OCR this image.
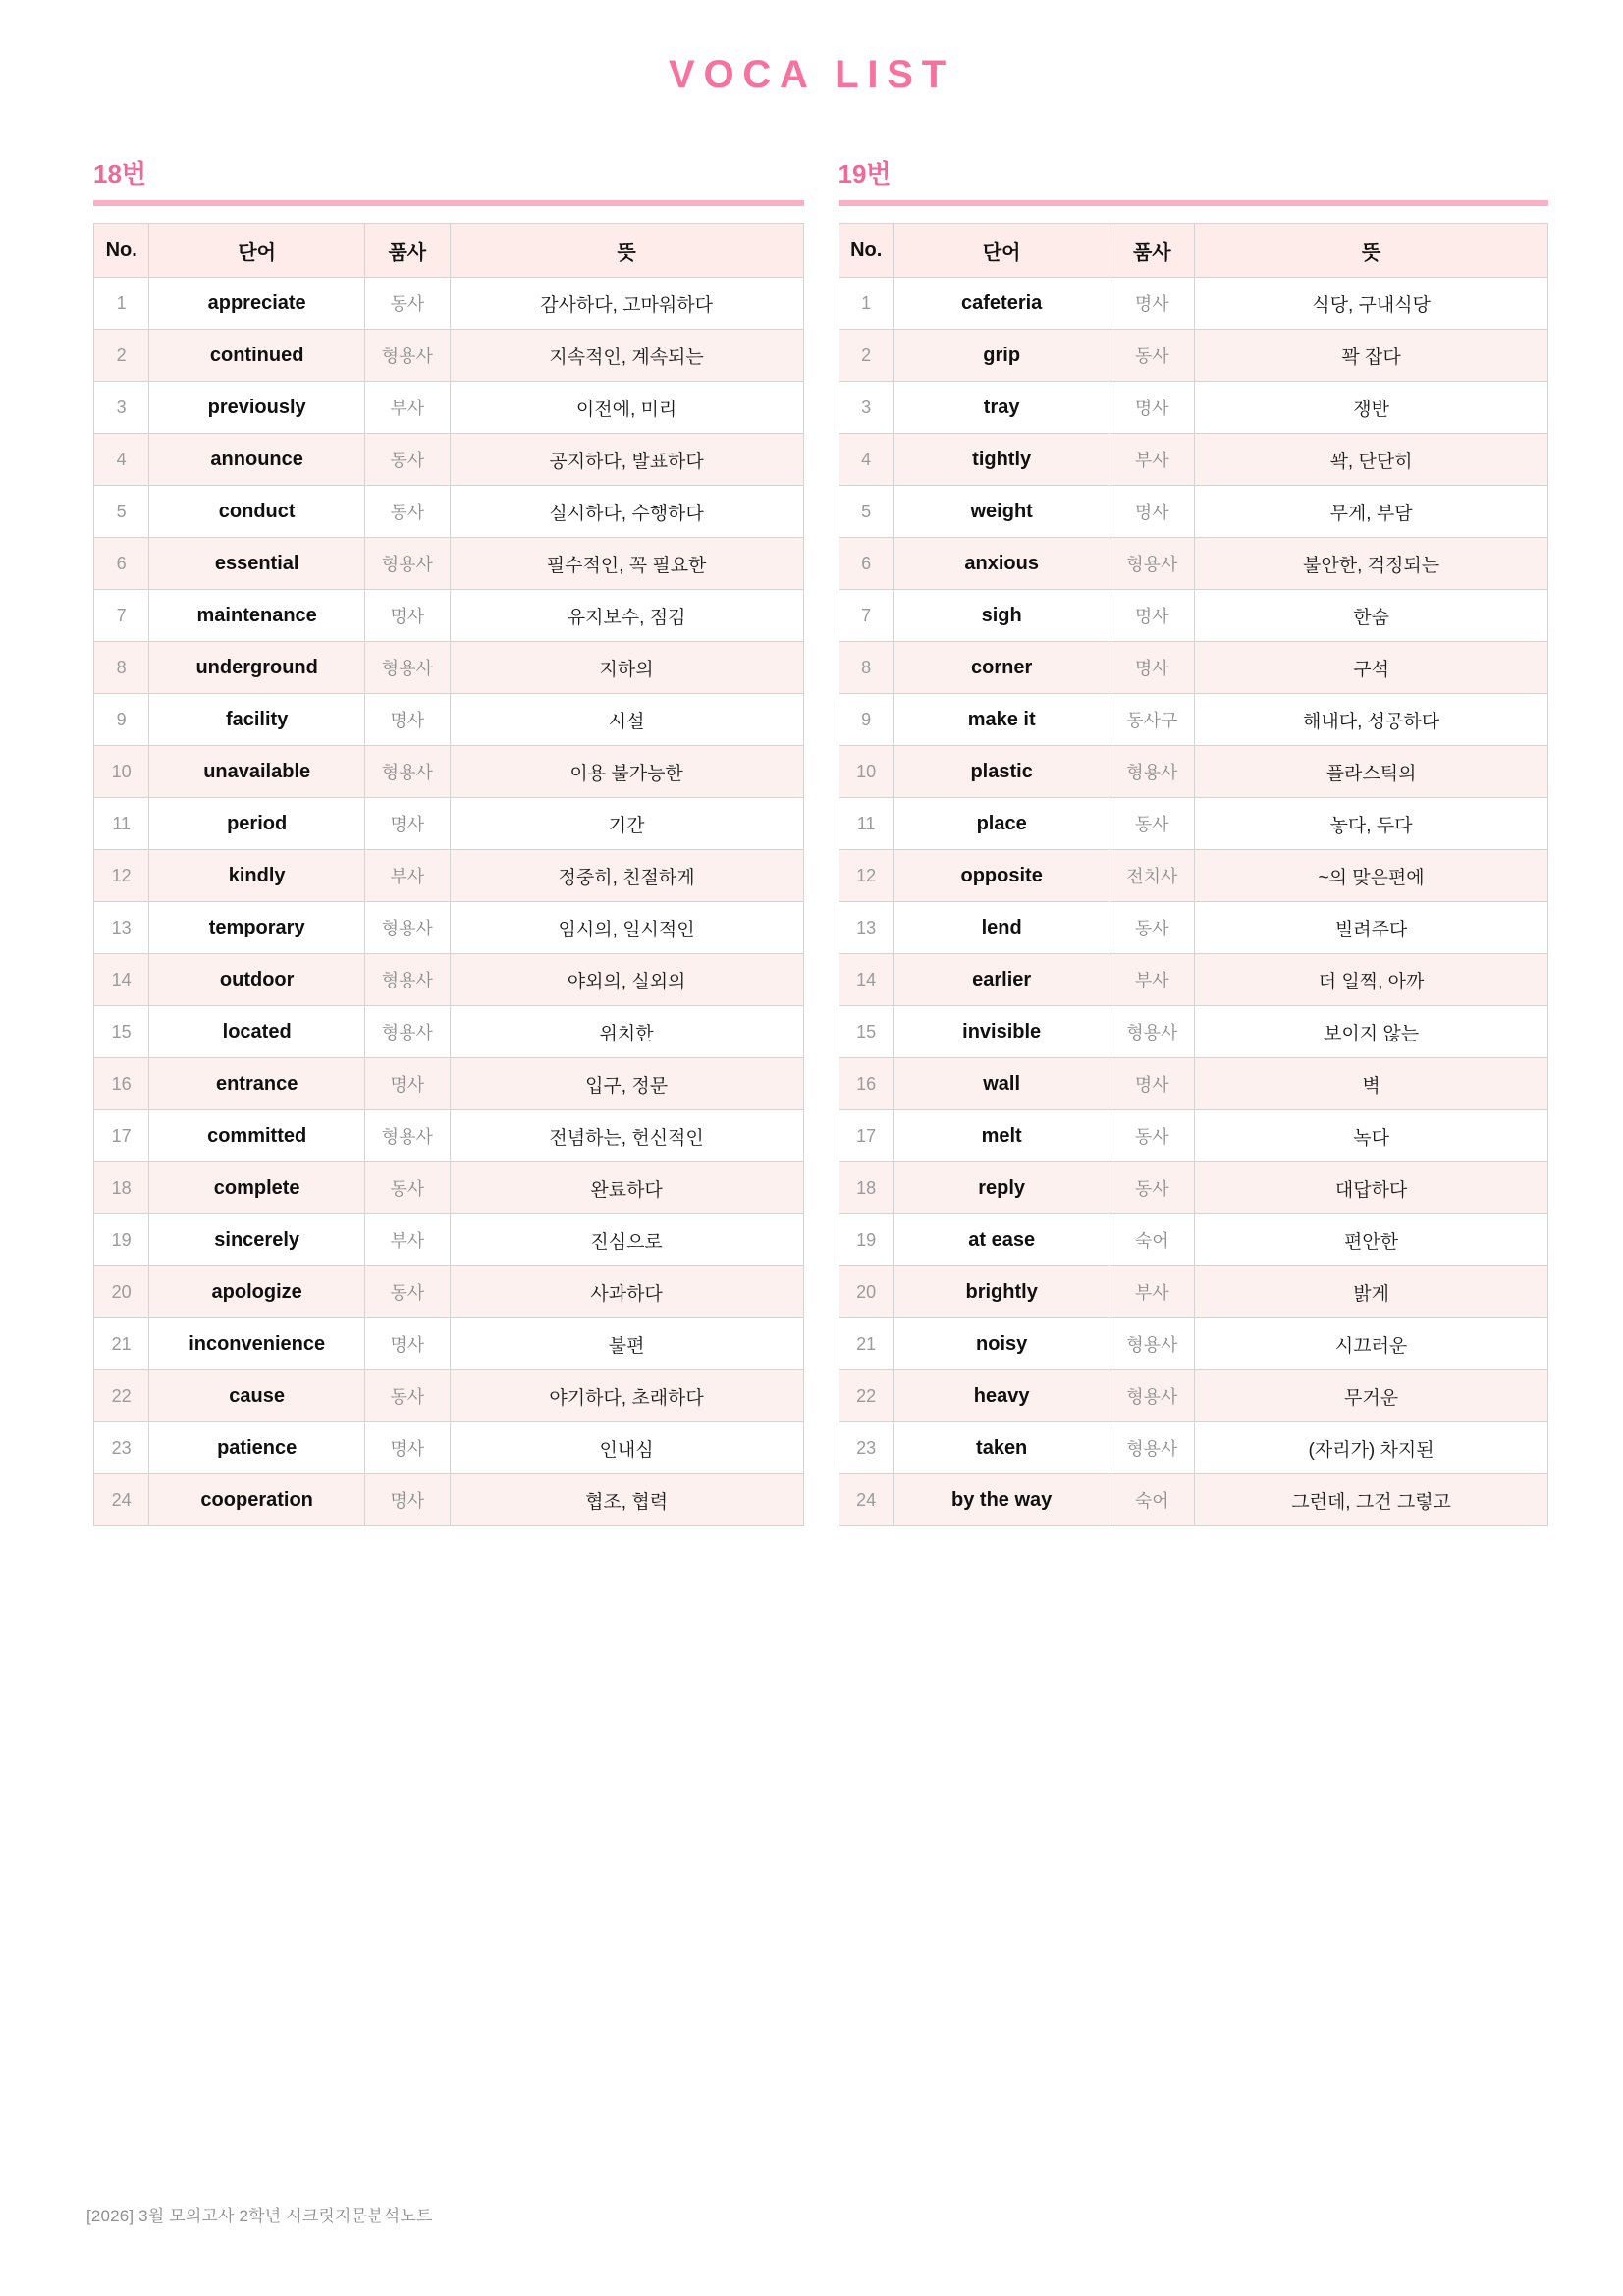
VOCA LIST
18번
No.	단어	품사	뜻
1	appreciate	동사	감사하다, 고마워하다
2	continued	형용사	지속적인, 계속되는
3	previously	부사	이전에, 미리
4	announce	동사	공지하다, 발표하다
5	conduct	동사	실시하다, 수행하다
6	essential	형용사	필수적인, 꼭 필요한
7	maintenance	명사	유지보수, 점검
8	underground	형용사	지하의
9	facility	명사	시설
10	unavailable	형용사	이용 불가능한
11	period	명사	기간
12	kindly	부사	정중히, 친절하게
13	temporary	형용사	임시의, 일시적인
14	outdoor	형용사	야외의, 실외의
15	located	형용사	위치한
16	entrance	명사	입구, 정문
17	committed	형용사	전념하는, 헌신적인
18	complete	동사	완료하다
19	sincerely	부사	진심으로
20	apologize	동사	사과하다
21	inconvenience	명사	불편
22	cause	동사	야기하다, 초래하다
23	patience	명사	인내심
24	cooperation	명사	협조, 협력
19번
No.	단어	품사	뜻
1	cafeteria	명사	식당, 구내식당
2	grip	동사	꽉 잡다
3	tray	명사	쟁반
4	tightly	부사	꽉, 단단히
5	weight	명사	무게, 부담
6	anxious	형용사	불안한, 걱정되는
7	sigh	명사	한숨
8	corner	명사	구석
9	make it	동사구	해내다, 성공하다
10	plastic	형용사	플라스틱의
11	place	동사	놓다, 두다
12	opposite	전치사	~의 맞은편에
13	lend	동사	빌려주다
14	earlier	부사	더 일찍, 아까
15	invisible	형용사	보이지 않는
16	wall	명사	벽
17	melt	동사	녹다
18	reply	동사	대답하다
19	at ease	숙어	편안한
20	brightly	부사	밝게
21	noisy	형용사	시끄러운
22	heavy	형용사	무거운
23	taken	형용사	(자리가) 차지된
24	by the way	숙어	그런데, 그건 그렇고
[2026] 3월 모의고사 2학년 시크릿지문분석노트
